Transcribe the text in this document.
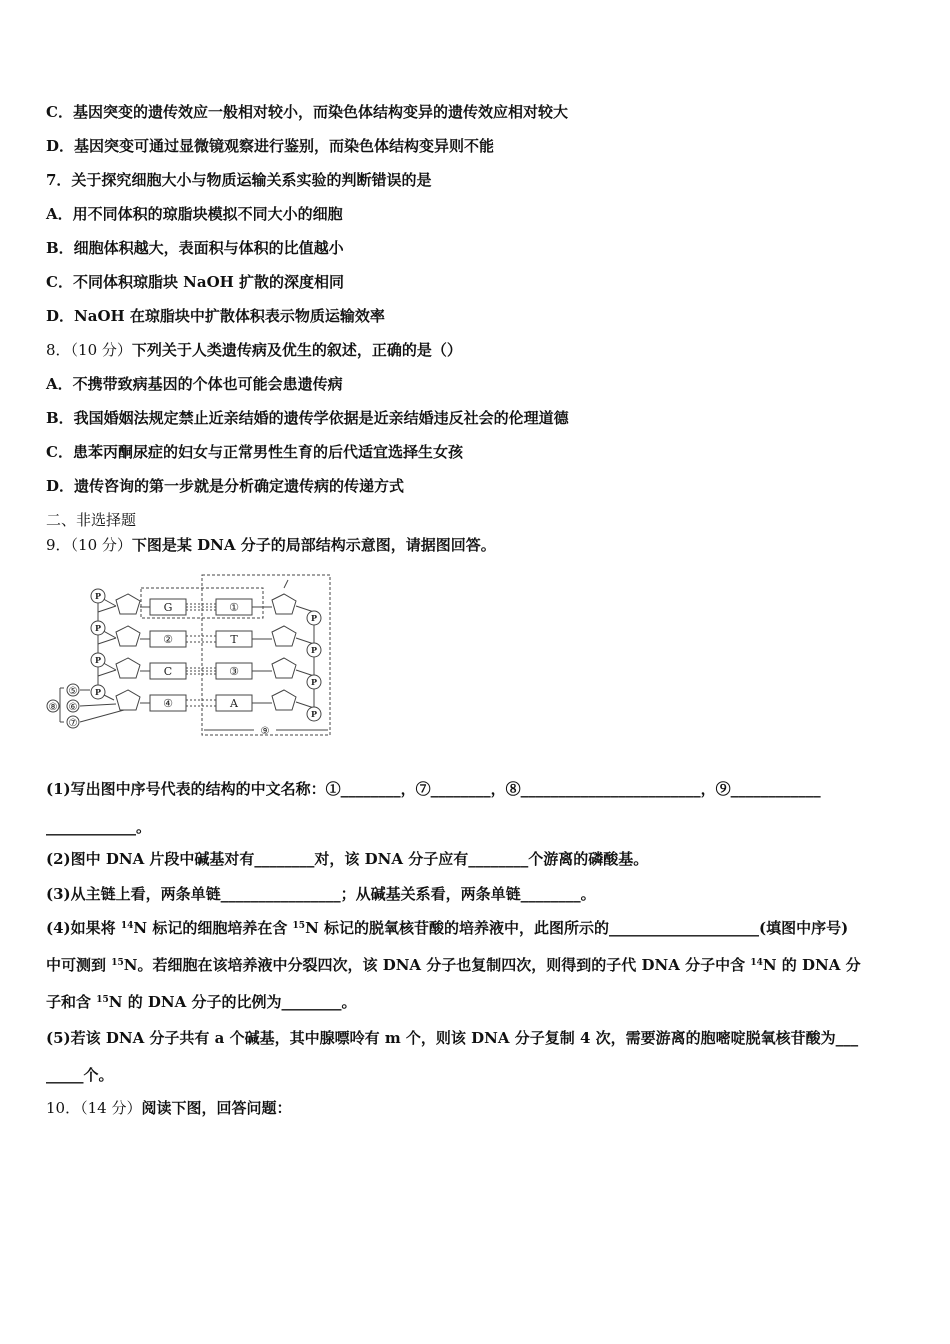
C．基因突变的遗传效应一般相对较小，而染色体结构变异的遗传效应相对较大
D．基因突变可通过显微镜观察进行鉴别，而染色体结构变异则不能
7．关于探究细胞大小与物质运输关系实验的判断错误的是
A．用不同体积的琼脂块模拟不同大小的细胞
B．细胞体积越大，表面积与体积的比值越小
C．不同体积琼脂块 NaOH 扩散的深度相同
D．NaOH 在琼脂块中扩散体积表示物质运输效率
8．（10 分）下列关于人类遗传病及优生的叙述，正确的是（）
A．不携带致病基因的个体也可能会患遗传病
B．我国婚姻法规定禁止近亲结婚的遗传学依据是近亲结婚违反社会的伦理道德
C．患苯丙酮尿症的妇女与正常男性生育的后代适宜选择生女孩
D．遗传咨询的第一步就是分析确定遗传病的传递方式
二、非选择题
9．（10 分）下图是某 DNA 分子的局部结构示意图，请据图回答。
P
P
P
P
P
P
P
P
G
②
C
④
①
T
③
A
⑤
⑥
⑦
⑧
⑨
(1)写出图中序号代表的结构的中文名称：①________，⑦________，⑧________________________，⑨____________
____________。
(2)图中 DNA 片段中碱基对有________对，该 DNA 分子应有________个游离的磷酸基。
(3)从主链上看，两条单链________________；从碱基关系看，两条单链________。
(4)如果将 $^{14}$N 标记的细胞培养在含 $^{15}$N 标记的脱氧核苷酸的培养液中，此图所示的____________________(填图中序号)
中可测到 $^{15}$N。若细胞在该培养液中分裂四次，该 DNA 分子也复制四次，则得到的子代 DNA 分子中含 $^{14}$N 的 DNA 分
子和含 $^{15}$N 的 DNA 分子的比例为________。
(5)若该 DNA 分子共有 a 个碱基，其中腺嘌呤有 m 个，则该 DNA 分子复制 4 次，需要游离的胞嘧啶脱氧核苷酸为___
_____个。
10．（14 分）阅读下图，回答问题：
